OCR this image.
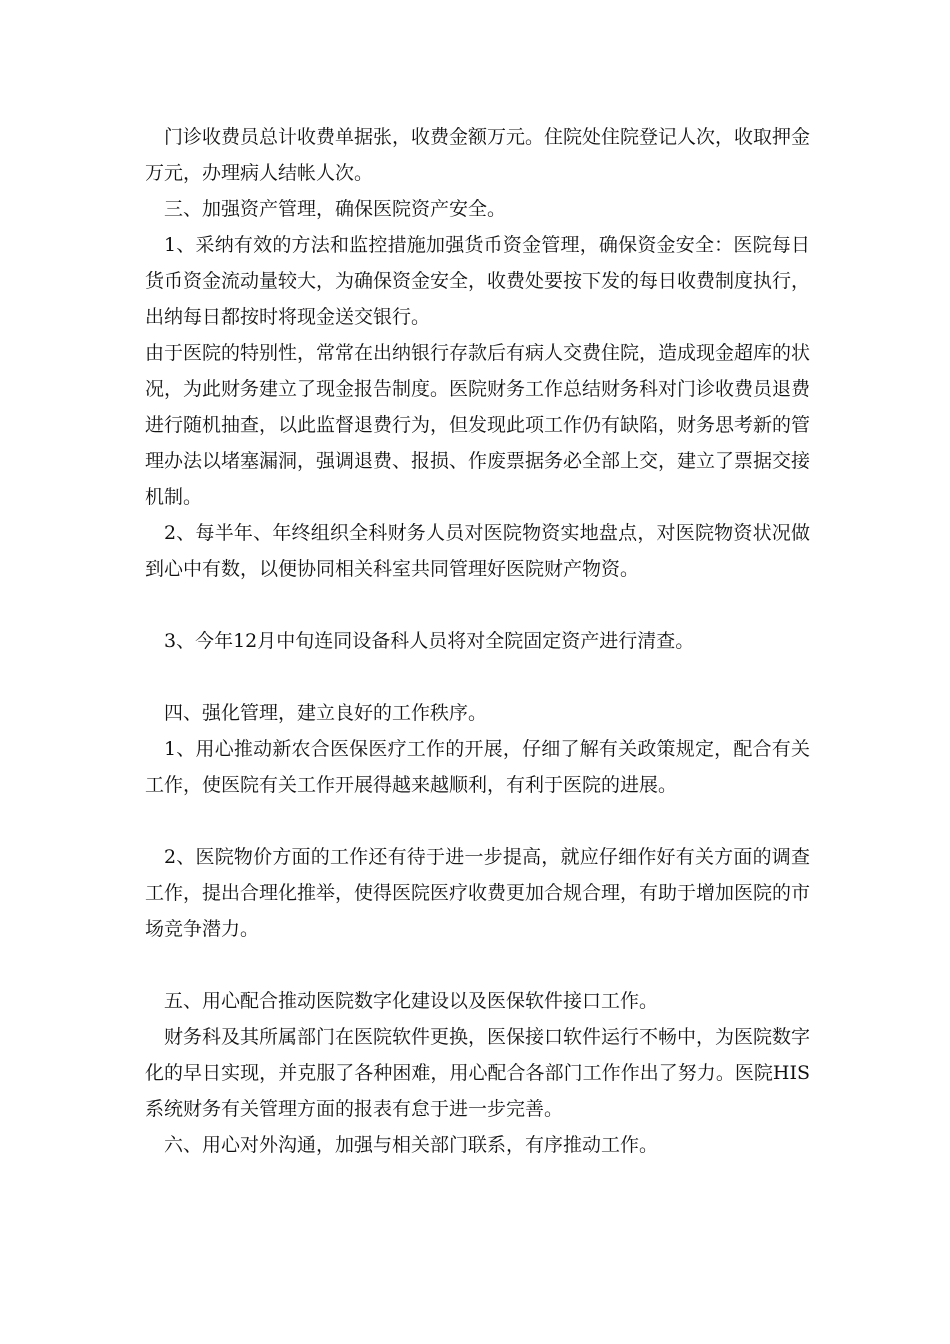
门诊收费员总计收费单据张，收费金额万元。住院处住院登记人次，收取押金万元，办理病人结帐人次。

三、加强资产管理，确保医院资产安全。

1、采纳有效的方法和监控措施加强货币资金管理，确保资金安全：医院每日货币资金流动量较大，为确保资金安全，收费处要按下发的每日收费制度执行，出纳每日都按时将现金送交银行。

由于医院的特别性，常常在出纳银行存款后有病人交费住院，造成现金超库的状况，为此财务建立了现金报告制度。医院财务工作总结财务科对门诊收费员退费进行随机抽查，以此监督退费行为，但发现此项工作仍有缺陷，财务思考新的管理办法以堵塞漏洞，强调退费、报损、作废票据务必全部上交，建立了票据交接机制。

2、每半年、年终组织全科财务人员对医院物资实地盘点，对医院物资状况做到心中有数，以便协同相关科室共同管理好医院财产物资。

3、今年12月中旬连同设备科人员将对全院固定资产进行清查。

四、强化管理，建立良好的工作秩序。

1、用心推动新农合医保医疗工作的开展，仔细了解有关政策规定，配合有关工作，使医院有关工作开展得越来越顺利，有利于医院的进展。

2、医院物价方面的工作还有待于进一步提高，就应仔细作好有关方面的调查工作，提出合理化推举，使得医院医疗收费更加合规合理，有助于增加医院的市场竞争潜力。

五、用心配合推动医院数字化建设以及医保软件接口工作。

财务科及其所属部门在医院软件更换，医保接口软件运行不畅中，为医院数字化的早日实现，并克服了各种困难，用心配合各部门工作作出了努力。医院HIS系统财务有关管理方面的报表有怠于进一步完善。

六、用心对外沟通，加强与相关部门联系，有序推动工作。
